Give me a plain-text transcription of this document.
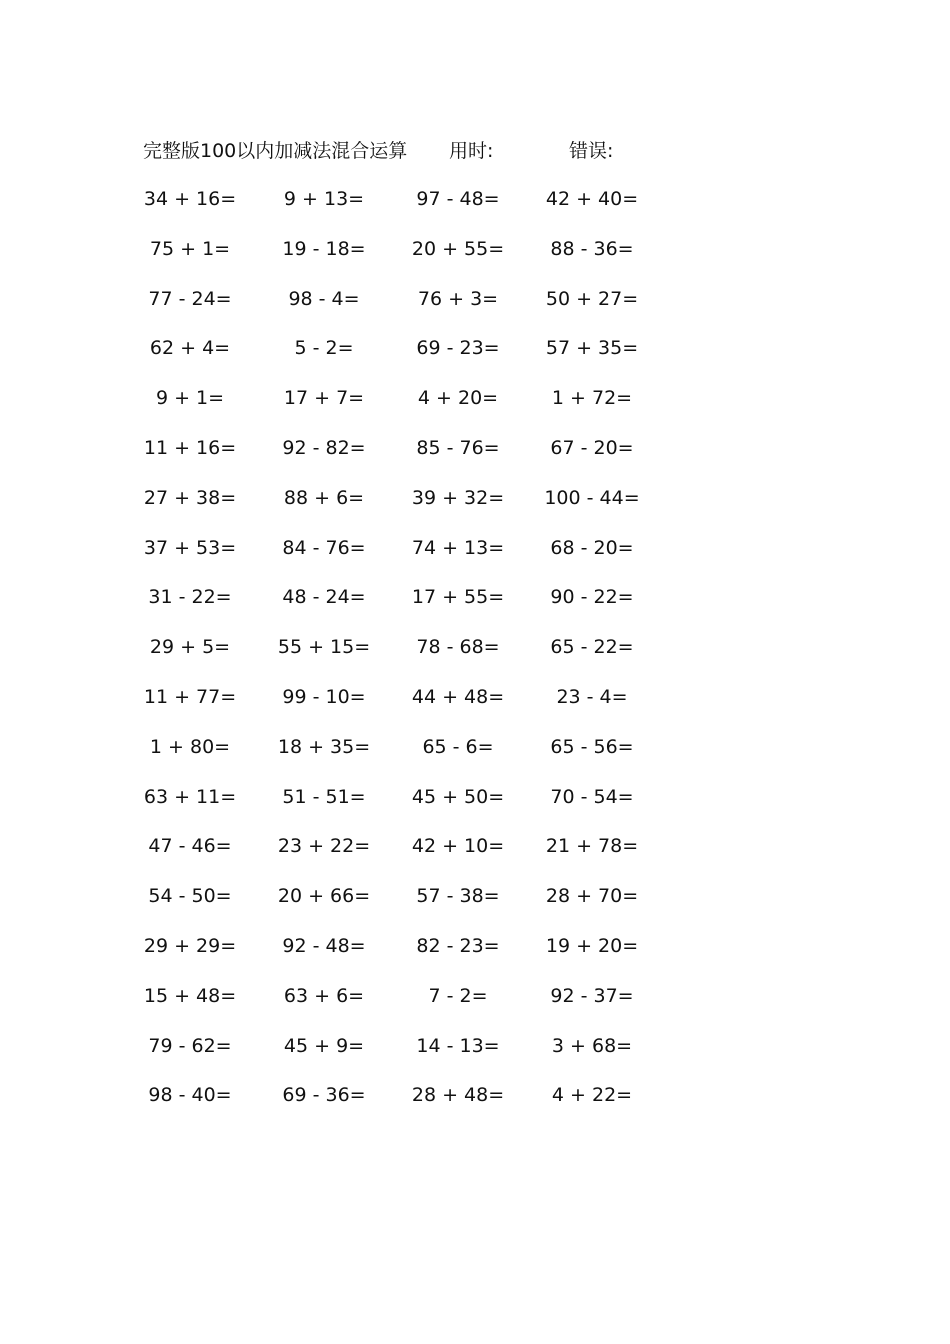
完整版100以内加减法混合运算 用时:	错误:
34 + 16=	9 + 13=	97 - 48=	42 + 40=
75 + 1=	19 - 18=	20 + 55=	88 - 36=
77 - 24=	98 - 4=	76 + 3=	50 + 27=
62 + 4=	5 - 2=	69 - 23=	57 + 35=
9 + 1=	17 + 7=	4 + 20=	1 + 72=
11 + 16=	92 - 82=	85 - 76=	67 - 20=
27 + 38=	88 + 6=	39 + 32=	100 - 44=
37 + 53=	84 - 76=	74 + 13=	68 - 20=
31 - 22=	48 - 24=	17 + 55=	90 - 22=
29 + 5=	55 + 15=	78 - 68=	65 - 22=
11 + 77=	99 - 10=	44 + 48=	23 - 4=
1 + 80=	18 + 35=	65 - 6=	65 - 56=
63 + 11=	51 - 51=	45 + 50=	70 - 54=
47 - 46=	23 + 22=	42 + 10=	21 + 78=
54 - 50=	20 + 66=	57 - 38=	28 + 70=
29 + 29=	92 - 48=	82 - 23=	19 + 20=
15 + 48=	63 + 6=	7 - 2=	92 - 37=
79 - 62=	45 + 9=	14 - 13=	3 + 68=
98 - 40=	69 - 36=	28 + 48=	4 + 22=
